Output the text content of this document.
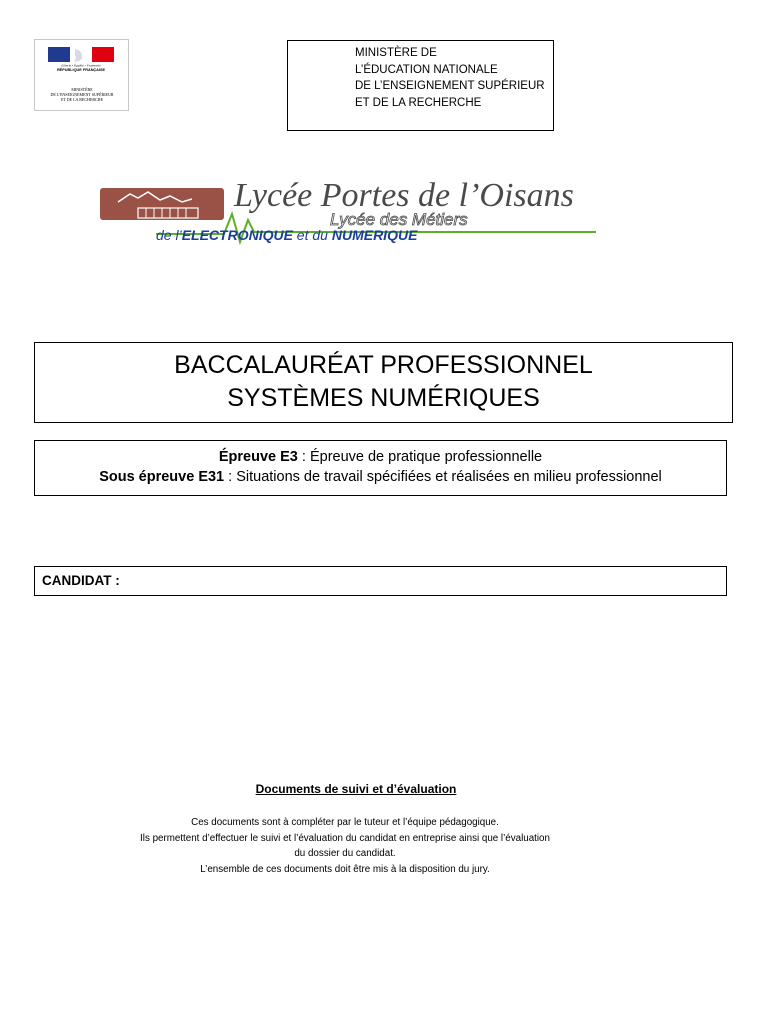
Liberté • Égalité • Fraternité
RÉPUBLIQUE FRANÇAISE
MINISTÈRE
DE L'ENSEIGNEMENT SUPÉRIEUR
ET DE LA RECHERCHE
MINISTÈRE DE
L’ÉDUCATION NATIONALE
DE L’ENSEIGNEMENT SUPÉRIEUR
ET DE LA RECHERCHE
Lycée Portes de l’Oisans
Lycée des Métiers
de l’ELECTRONIQUE et du NUMERIQUE
BACCALAURÉAT PROFESSIONNEL
SYSTÈMES NUMÉRIQUES
Épreuve E3 : Épreuve de pratique professionnelle
Sous épreuve E31 : Situations de travail spécifiées et réalisées en milieu professionnel
CANDIDAT :
Documents de suivi et d’évaluation
Ces documents sont à compléter par le tuteur et l’équipe pédagogique.
Ils permettent d’effectuer le suivi et l’évaluation du candidat en entreprise ainsi que l’évaluation
du dossier du candidat.
L’ensemble de ces documents doit être mis à la disposition du jury.
